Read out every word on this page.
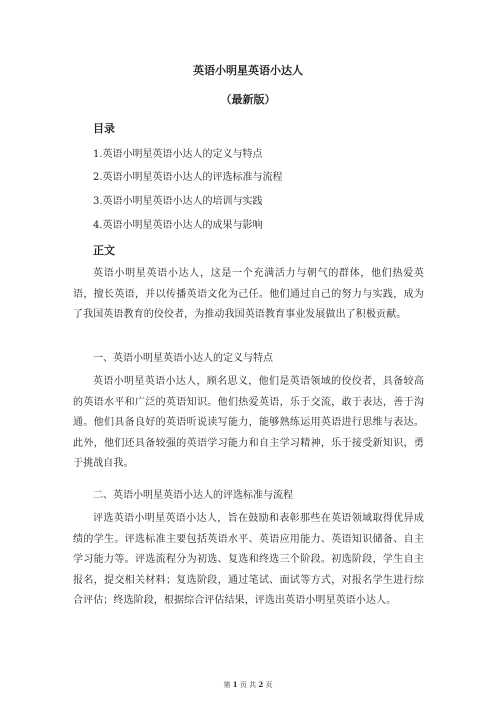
英语小明星英语小达人
（最新版）
目录
1.英语小明星英语小达人的定义与特点
2.英语小明星英语小达人的评选标准与流程
3.英语小明星英语小达人的培训与实践
4.英语小明星英语小达人的成果与影响
正文
英语小明星英语小达人，这是一个充满活力与朝气的群体，他们热爱英语，擅长英语，并以传播英语文化为己任。他们通过自己的努力与实践，成为了我国英语教育的佼佼者，为推动我国英语教育事业发展做出了积极贡献。
一、英语小明星英语小达人的定义与特点
英语小明星英语小达人，顾名思义，他们是英语领域的佼佼者，具备较高的英语水平和广泛的英语知识。他们热爱英语，乐于交流，敢于表达，善于沟通。他们具备良好的英语听说读写能力，能够熟练运用英语进行思维与表达。此外，他们还具备较强的英语学习能力和自主学习精神，乐于接受新知识，勇于挑战自我。
二、英语小明星英语小达人的评选标准与流程
评选英语小明星英语小达人，旨在鼓励和表彰那些在英语领域取得优异成绩的学生。评选标准主要包括英语水平、英语应用能力、英语知识储备、自主学习能力等。评选流程分为初选、复选和终选三个阶段。初选阶段，学生自主报名，提交相关材料；复选阶段，通过笔试、面试等方式，对报名学生进行综合评估；终选阶段，根据综合评估结果，评选出英语小明星英语小达人。
第 1 页 共 2 页
